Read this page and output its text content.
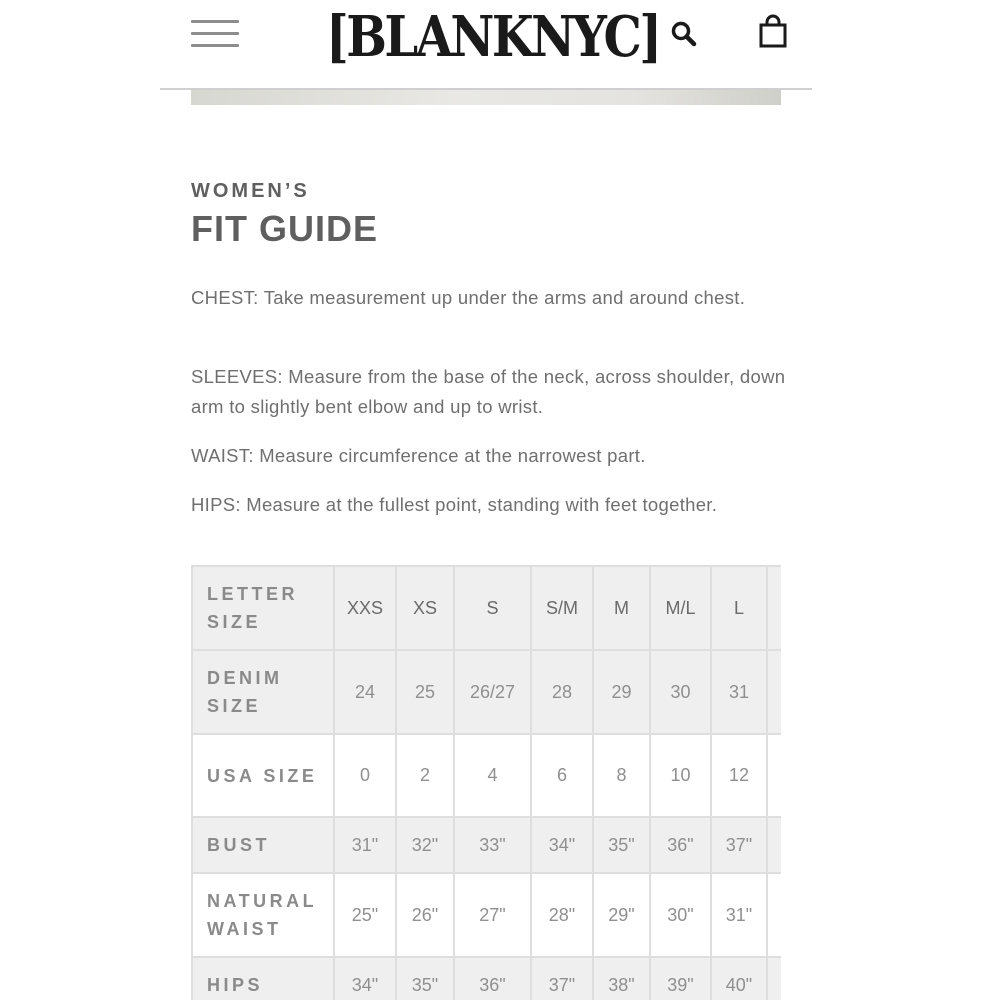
[BLANKNYC]
WOMEN’S
FIT GUIDE

CHEST: Take measurement up under the arms and around chest.

SLEEVES: Measure from the base of the neck, across shoulder, down arm to slightly bent elbow and up to wrist.

WAIST: Measure circumference at the narrowest part.

HIPS: Measure at the fullest point, standing with feet together.

LETTER SIZE	XXS	XS	S	S/M	M	M/L	L	
DENIM SIZE	24	25	26/27	28	29	30	31	
USA SIZE	0	2	4	6	8	10	12	
BUST	31"	32"	33"	34"	35"	36"	37"	
NATURAL WAIST	25"	26"	27"	28"	29"	30"	31"	
HIPS	34"	35"	36"	37"	38"	39"	40"	
